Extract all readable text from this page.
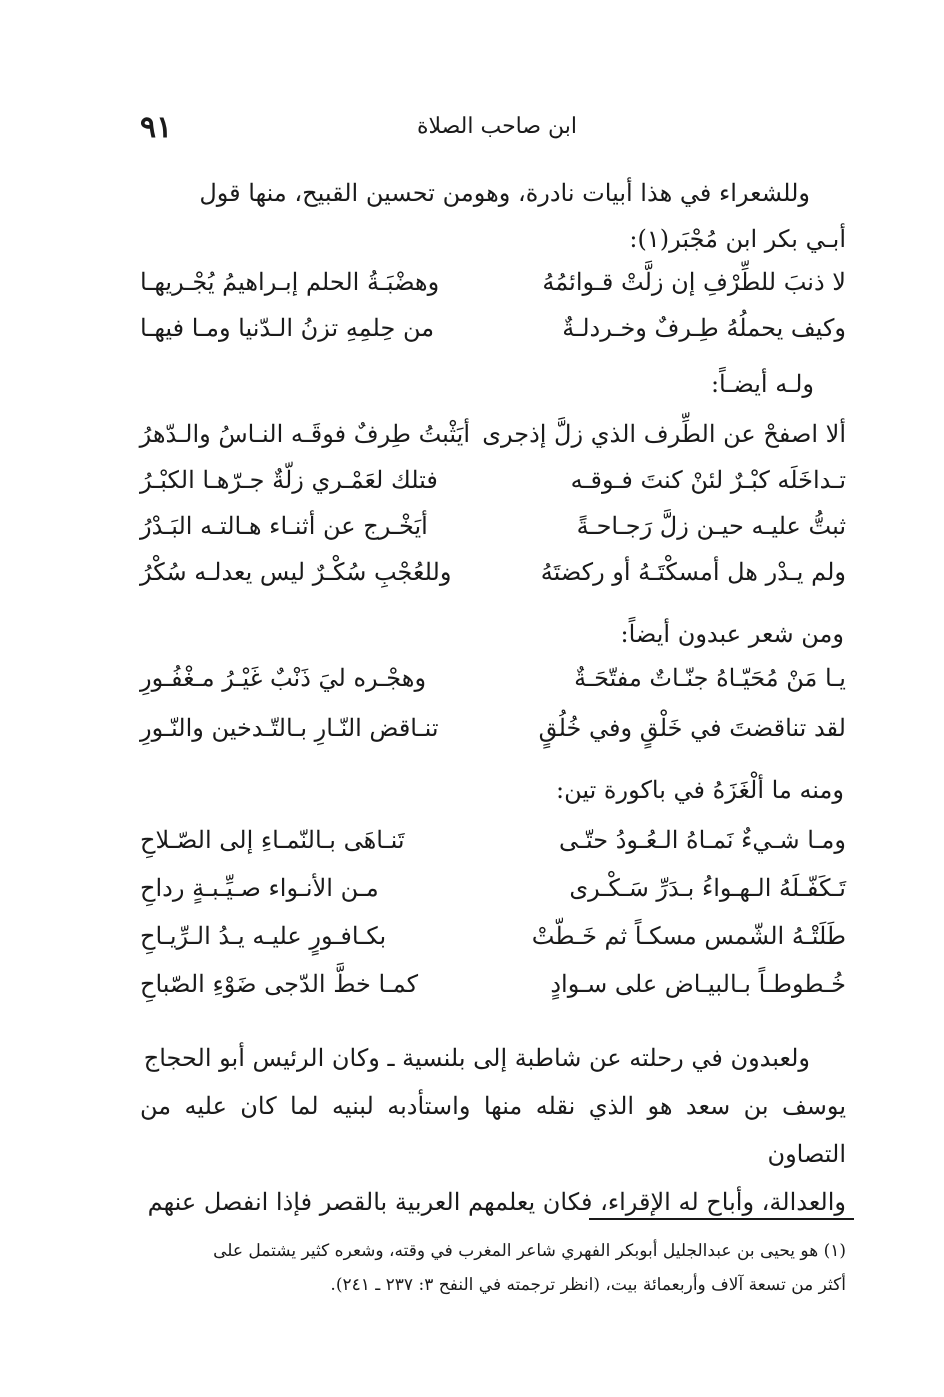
ابن صاحب الصلاة
٩١

وللشعراء في هذا أبيات نادرة، وهومن تحسين القبيح، منها قول

أبـي بكر ابن مُجْبَر(١):

لا ذنبَ للطِّرْفِ إن زلَّتْ قـوائمُهُ
وهضْبَـةُ الحلم إبـراهيمُ يُجْـريهـا
وكيف يحملُهُ طِـرفٌ وخـردلـةٌ
من حِلمِهِ تزنُ الـدّنيا ومـا فيهـا
ولـه أيضـاً:
ألا اصفحْ عن الطِّرف الذي زلَّ إذجرى
أيَثْبتُ طِرفٌ فوقَـه النـاسُ والـدّهرُ
تـداخَلَه كبْـرٌ لئنْ كنتَ فـوقـه
فتلك لعَمْـري زلّةٌ جـرّهـا الكبْـرُ
ثبتُّ عليـه حيـن زلَّ رَجـاحـةً
أيَخْـرج عن أثنـاء هـالتـه البَـدْرُ
ولم يـدْر هل أمسكْتَـهُ أو ركضتَهُ
وللعُجْبِ سُكْـرٌ ليس يعدلـه سُكْرُ
ومن شعر عبدون أيضاً:
يـا مَنْ مُحَيّـاهُ جنّـاتٌ مفتّحَـةٌ
وهجْـره ليَ ذَنْبٌ غَيْـرُ مـغْفُـورِ
لقد تناقضتَ في خَلْقٍ وفي خُلُقٍ
تنـاقض النّـارِ بـالتّـدخين والنّـورِ
ومنه ما ألْغَزَهُ في باكورة تين:
ومـا شـيءٌ نَمـاهُ الـعُـودُ حتّـى
تَنـاهَى بـالنّمـاءِ إلى الصّـلاحِ
تَـكَفّـلَهُ الـهـواءُ بـدَرِّ سَـكْـرى
مـن الأنـواء صـيِّـبـةٍ رداحِ
طَلَتْـهُ الشّمس مسكـاً ثم خَـطّتْ
بكـافـورٍ عليـه يـدُ الـرِّيـاحِ
خُـطوطـاً بـالبيـاض على سـوادٍ
كمـا خطَّ الدّجى ضَوْءِ الصّباحِ

ولعبدون في رحلته عن شاطبة إلى بلنسية ـ وكان الرئيس أبو الحجاج

يوسف بن سعد هو الذي نقله منها واستأدبه لبنيه لما كان عليه من التصاون

والعدالة، وأباح له الإقراء، فكان يعلمهم العربية بالقصر فإذا انفصل عنهم

(١) هو يحيى بن عبدالجليل أبوبكر الفهري شاعر المغرب في وقته، وشعره كثير يشتمل على

أكثر من تسعة آلاف وأربعمائة بيت، (انظر ترجمته في النفح ٣: ٢٣٧ ـ ٢٤١).
